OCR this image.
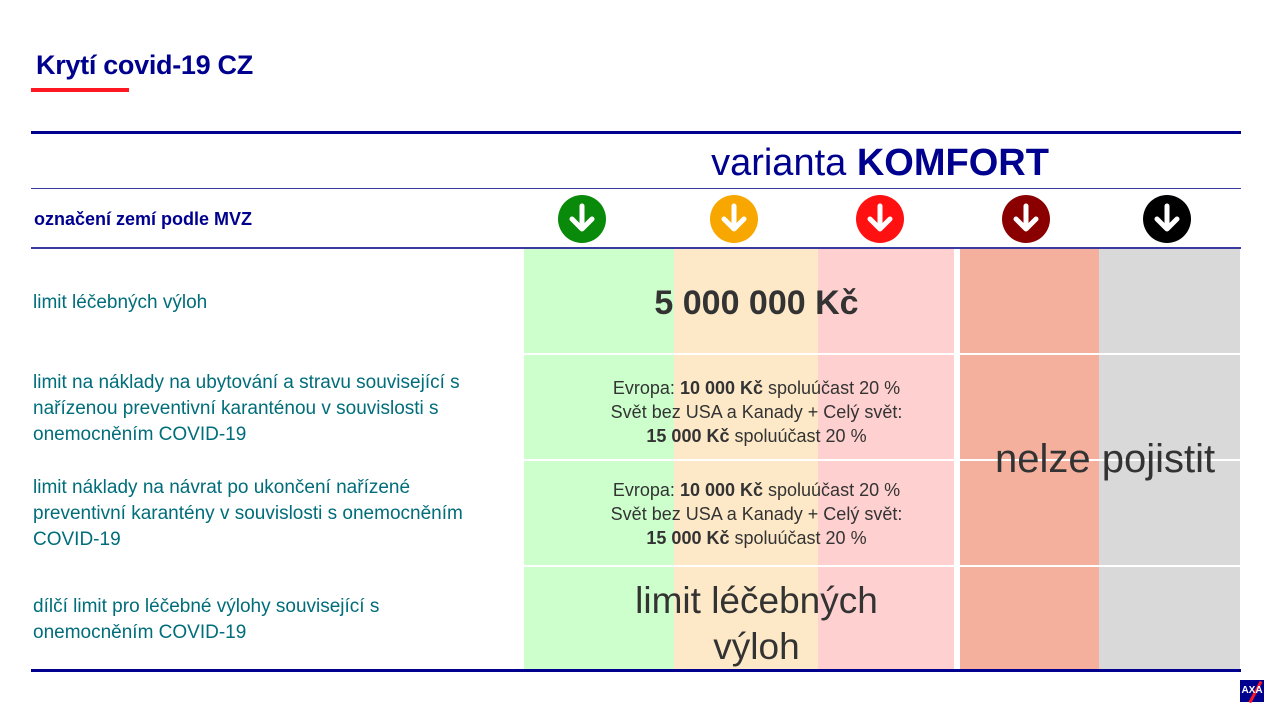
Krytí covid-19 CZ
varianta KOMFORT
označení zemí podle MVZ
limit léčebných výloh
limit na náklady na ubytování a stravu související s
nařízenou preventivní karanténou v souvislosti s
onemocněním COVID-19
limit náklady na návrat po ukončení nařízené
preventivní karantény v souvislosti s onemocněním
COVID-19
dílčí limit pro léčebné výlohy související s
onemocněním COVID-19
5 000 000 Kč
Evropa: 10 000 Kč spoluúčast 20 %
Svět bez USA a Kanady + Celý svět:
15 000 Kč spoluúčast 20 %
Evropa: 10 000 Kč spoluúčast 20 %
Svět bez USA a Kanady + Celý svět:
15 000 Kč spoluúčast 20 %
nelze pojistit
limit léčebných
výloh
AXA
